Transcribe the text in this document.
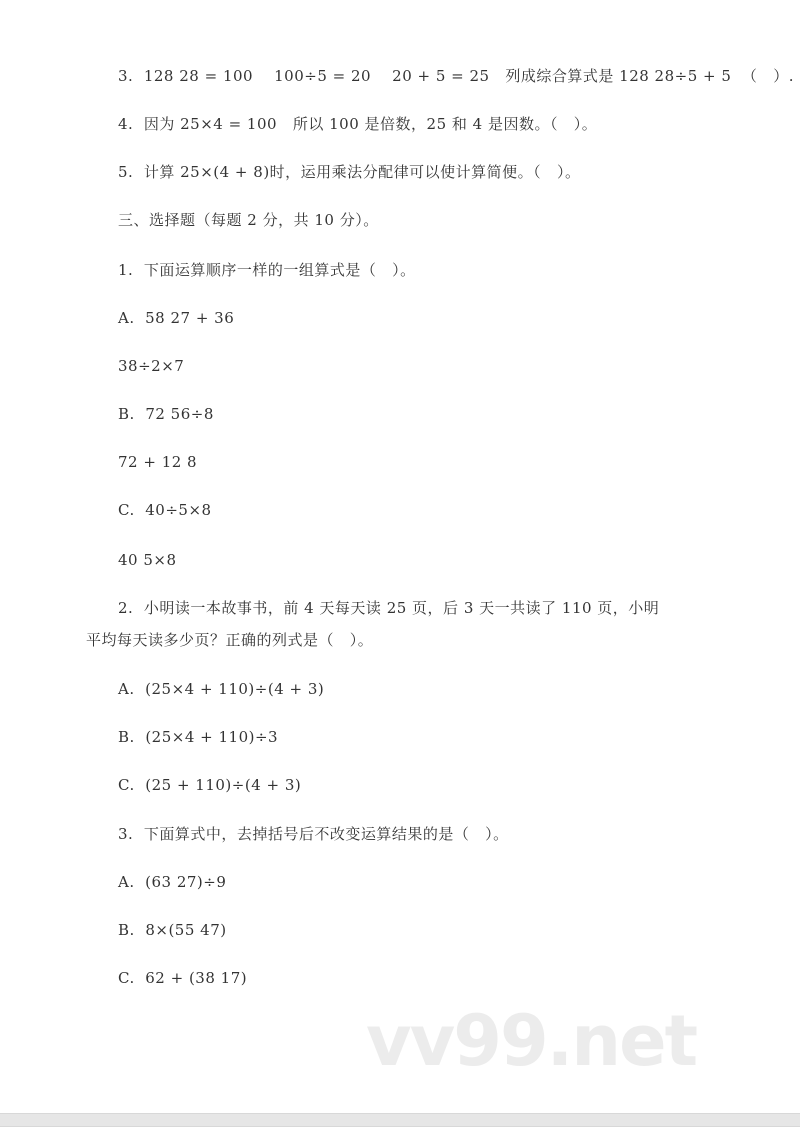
3.  128 28 = 100    100÷5 = 20    20 + 5 = 25   列成综合算式是 128 28÷5 + 5  （   ）.
4.  因为 25×4 = 100   所以 100 是倍数，25 和 4 是因数。（   ）。
5.  计算 25×(4 + 8)时，运用乘法分配律可以使计算简便。（   ）。
三、选择题（每题 2 分，共 10 分）。
1.  下面运算顺序一样的一组算式是（   ）。
A.  58 27 + 36
38÷2×7
B.  72 56÷8
72 + 12 8
C.  40÷5×8
40 5×8
2.  小明读一本故事书，前 4 天每天读 25 页，后 3 天一共读了 110 页，小明
平均每天读多少页？正确的列式是（   ）。
A.  (25×4 + 110)÷(4 + 3)
B.  (25×4 + 110)÷3
C.  (25 + 110)÷(4 + 3)
3.  下面算式中，去掉括号后不改变运算结果的是（   ）。
A.  (63 27)÷9
B.  8×(55 47)
C.  62 + (38 17)
vv99.net
